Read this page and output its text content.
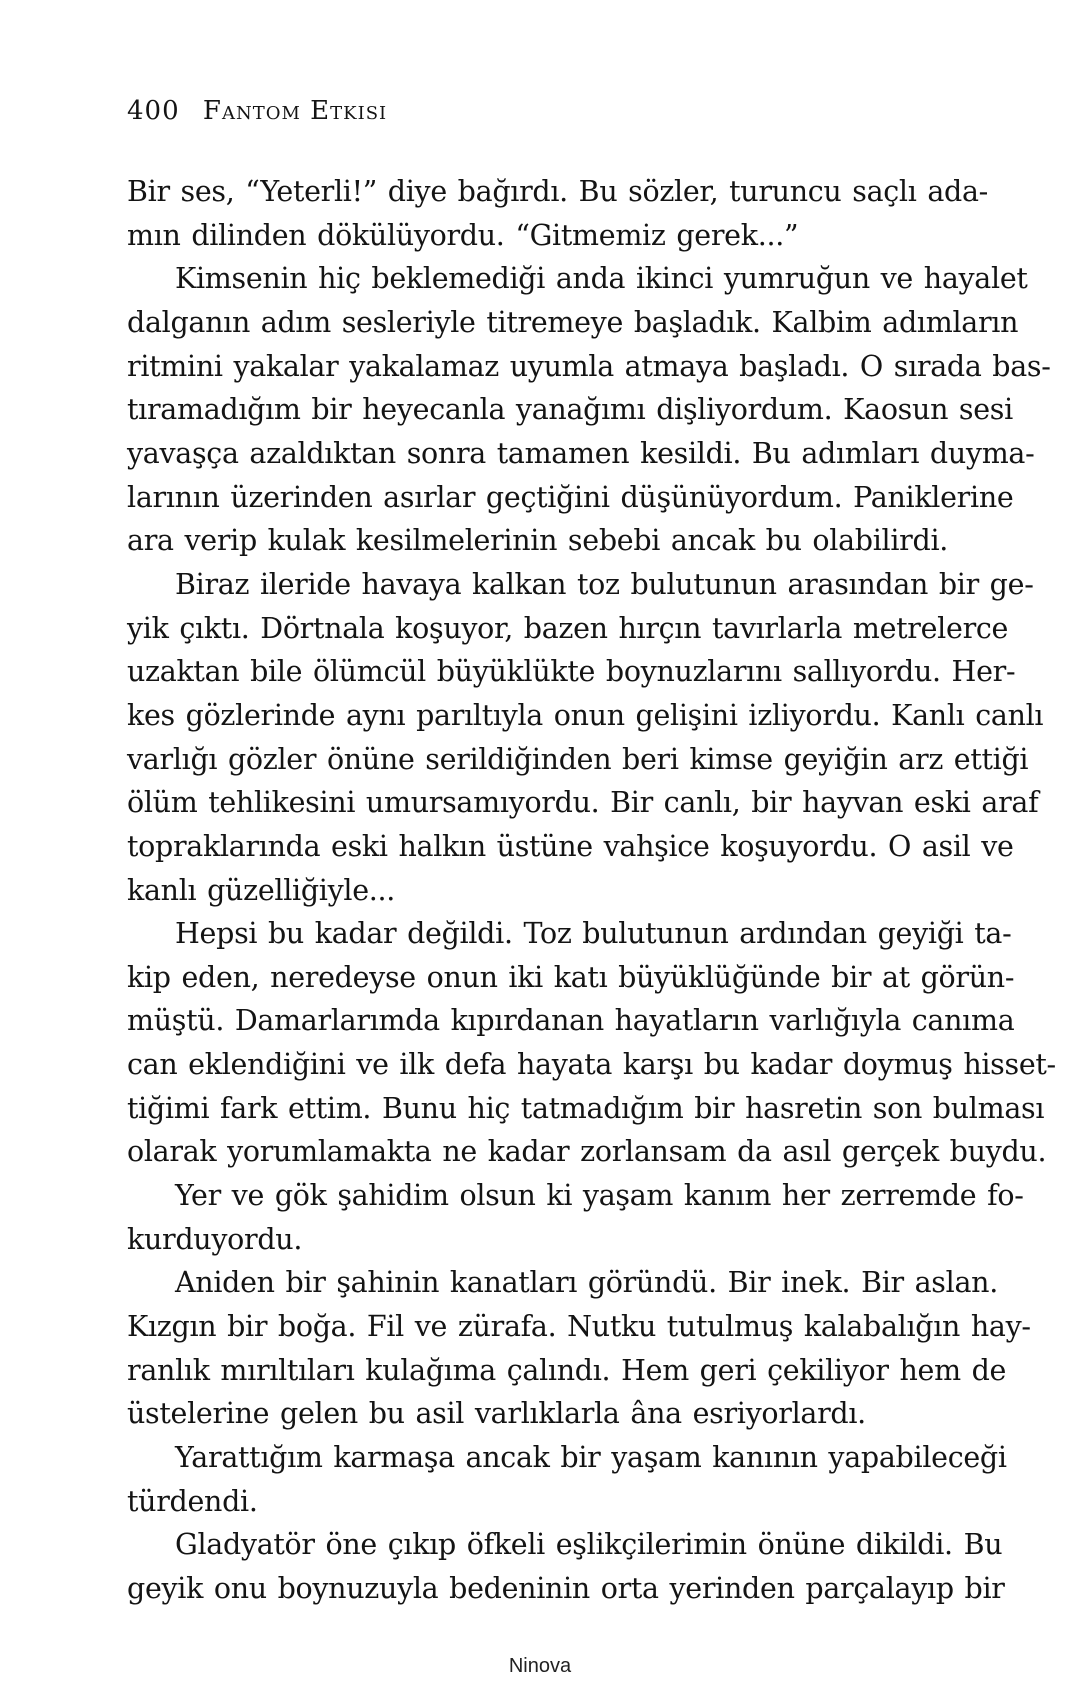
400 Fantom Etkisi
Bir ses, “Yeterli!” diye bağırdı. Bu sözler, turuncu saçlı ada-
mın dilinden dökülüyordu. “Gitmemiz gerek...”
Kimsenin hiç beklemediği anda ikinci yumruğun ve hayalet
dalganın adım sesleriyle titremeye başladık. Kalbim adımların
ritmini yakalar yakalamaz uyumla atmaya başladı. O sırada bas-
tıramadığım bir heyecanla yanağımı dişliyordum. Kaosun sesi
yavaşça azaldıktan sonra tamamen kesildi. Bu adımları duyma-
larının üzerinden asırlar geçtiğini düşünüyordum. Paniklerine
ara verip kulak kesilmelerinin sebebi ancak bu olabilirdi.
Biraz ileride havaya kalkan toz bulutunun arasından bir ge-
yik çıktı. Dörtnala koşuyor, bazen hırçın tavırlarla metrelerce
uzaktan bile ölümcül büyüklükte boynuzlarını sallıyordu. Her-
kes gözlerinde aynı parıltıyla onun gelişini izliyordu. Kanlı canlı
varlığı gözler önüne serildiğinden beri kimse geyiğin arz ettiği
ölüm tehlikesini umursamıyordu. Bir canlı, bir hayvan eski araf
topraklarında eski halkın üstüne vahşice koşuyordu. O asil ve
kanlı güzelliğiyle...
Hepsi bu kadar değildi. Toz bulutunun ardından geyiği ta-
kip eden, neredeyse onun iki katı büyüklüğünde bir at görün-
müştü. Damarlarımda kıpırdanan hayatların varlığıyla canıma
can eklendiğini ve ilk defa hayata karşı bu kadar doymuş hisset-
tiğimi fark ettim. Bunu hiç tatmadığım bir hasretin son bulması
olarak yorumlamakta ne kadar zorlansam da asıl gerçek buydu.
Yer ve gök şahidim olsun ki yaşam kanım her zerremde fo-
kurduyordu.
Aniden bir şahinin kanatları göründü. Bir inek. Bir aslan.
Kızgın bir boğa. Fil ve zürafa. Nutku tutulmuş kalabalığın hay-
ranlık mırıltıları kulağıma çalındı. Hem geri çekiliyor hem de
üstelerine gelen bu asil varlıklarla âna esriyorlardı.
Yarattığım karmaşa ancak bir yaşam kanının yapabileceği
türdendi.
Gladyatör öne çıkıp öfkeli eşlikçilerimin önüne dikildi. Bu
geyik onu boynuzuyla bedeninin orta yerinden parçalayıp bir
Ninova
